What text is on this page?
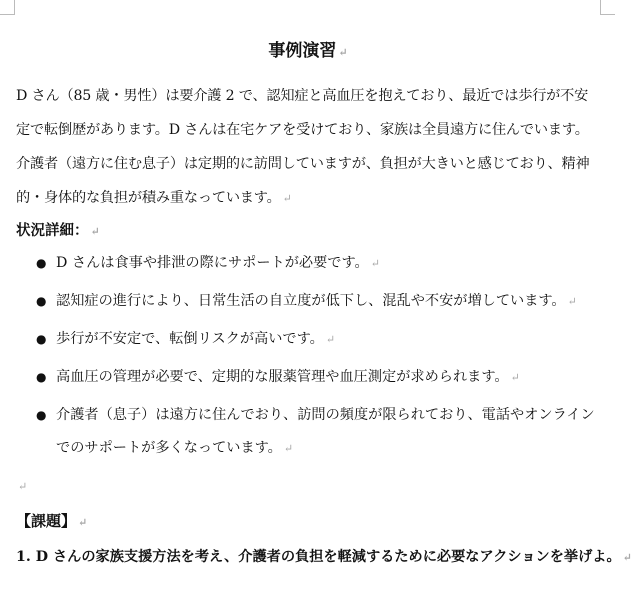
事例演習 ↵

D さん（85 歳・男性）は要介護 2 で、認知症と高血圧を抱えており、最近では歩行が不安定で転倒歴があります。D さんは在宅ケアを受けており、家族は全員遠方に住んでいます。介護者（遠方に住む息子）は定期的に訪問していますが、負担が大きいと感じており、精神的・身体的な負担が積み重なっています。 ↵

状況詳細： ↵
● D さんは食事や排泄の際にサポートが必要です。 ↵
● 認知症の進行により、日常生活の自立度が低下し、混乱や不安が増しています。 ↵
● 歩行が不安定で、転倒リスクが高いです。 ↵
● 高血圧の管理が必要で、定期的な服薬管理や血圧測定が求められます。 ↵
● 介護者（息子）は遠方に住んでおり、訪問の頻度が限られており、電話やオンラインでのサポートが多くなっています。 ↵
↵
【課題】 ↵
1. D さんの家族支援方法を考え、介護者の負担を軽減するために必要なアクションを挙げよ。 ↵
